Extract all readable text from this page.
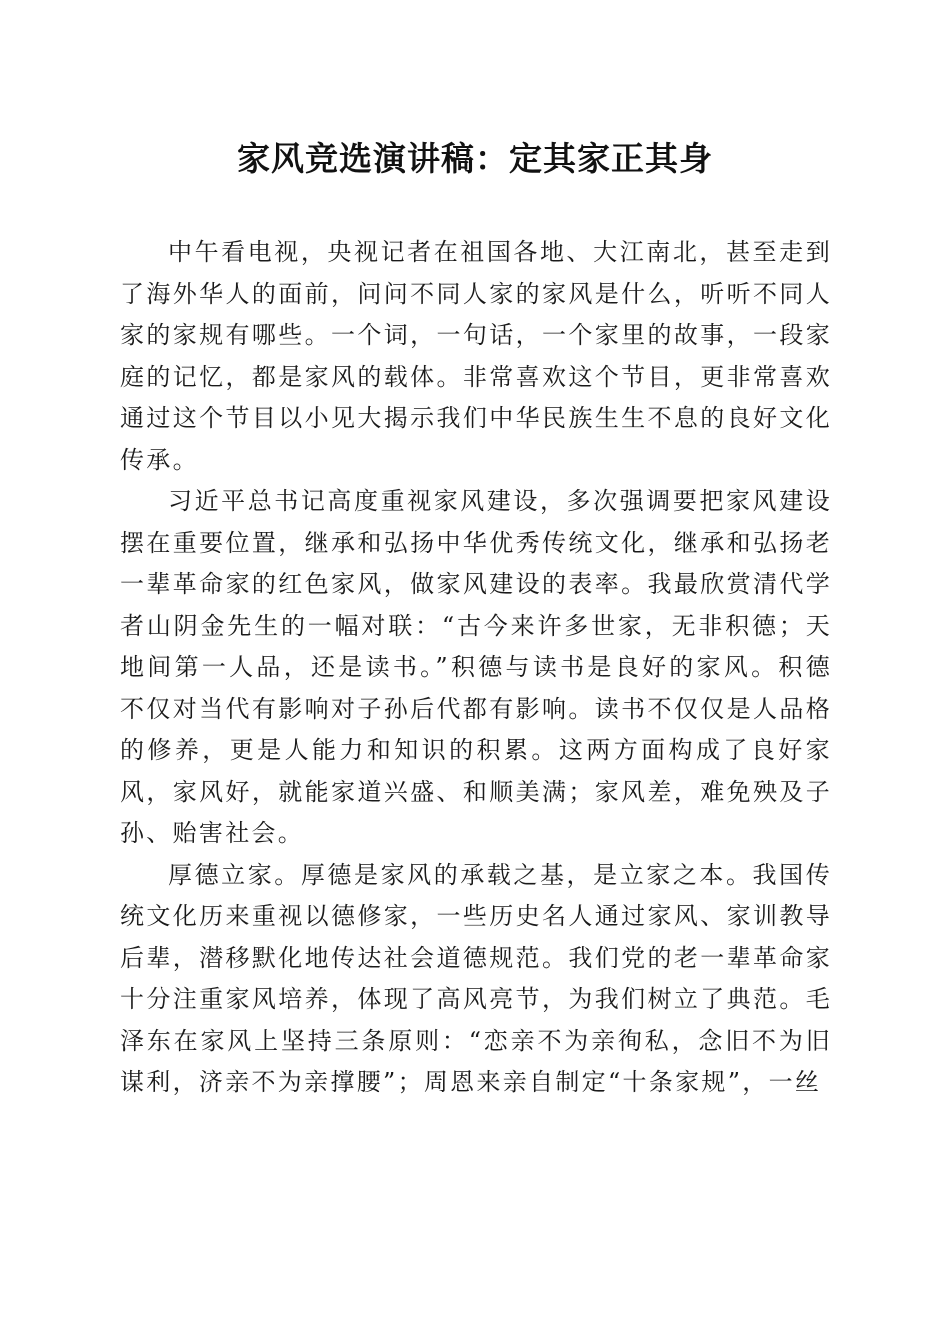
家风竞选演讲稿：定其家正其身

中午看电视，央视记者在祖国各地、大江南北，甚至走到了海外华人的面前，问问不同人家的家风是什么，听听不同人家的家规有哪些。一个词，一句话，一个家里的故事，一段家庭的记忆，都是家风的载体。非常喜欢这个节目，更非常喜欢通过这个节目以小见大揭示我们中华民族生生不息的良好文化传承。

习近平总书记高度重视家风建设，多次强调要把家风建设摆在重要位置，继承和弘扬中华优秀传统文化，继承和弘扬老一辈革命家的红色家风，做家风建设的表率。我最欣赏清代学者山阴金先生的一幅对联：“古今来许多世家，无非积德；天地间第一人品，还是读书。”积德与读书是良好的家风。积德不仅对当代有影响对子孙后代都有影响。读书不仅仅是人品格的修养，更是人能力和知识的积累。这两方面构成了良好家风，家风好，就能家道兴盛、和顺美满；家风差，难免殃及子孙、贻害社会。

厚德立家。厚德是家风的承载之基，是立家之本。我国传统文化历来重视以德修家，一些历史名人通过家风、家训教导后辈，潜移默化地传达社会道德规范。我们党的老一辈革命家十分注重家风培养，体现了高风亮节，为我们树立了典范。毛泽东在家风上坚持三条原则：“恋亲不为亲徇私，念旧不为旧谋利，济亲不为亲撑腰”；周恩来亲自制定“十条家规”，一丝
